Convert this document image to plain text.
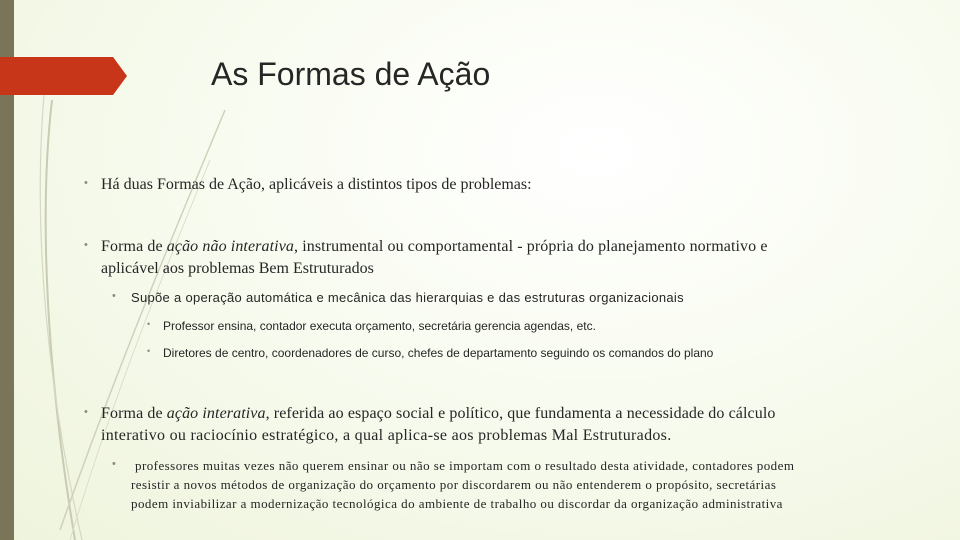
As Formas de Ação
• Há duas Formas de Ação, aplicáveis a distintos tipos de problemas:
• Forma de ação não interativa, instrumental ou comportamental - própria do planejamento normativo e
aplicável aos problemas Bem Estruturados
• Supõe a operação automática e mecânica das hierarquias e das estruturas organizacionais
• Professor ensina, contador executa orçamento, secretária gerencia agendas, etc.
• Diretores de centro, coordenadores de curso, chefes de departamento seguindo os comandos do plano
• Forma de ação interativa, referida ao espaço social e político, que fundamenta a necessidade do cálculo
interativo ou raciocínio estratégico, a qual aplica-se aos problemas Mal Estruturados.
• professores muitas vezes não querem ensinar ou não se importam com o resultado desta atividade, contadores podem
resistir a novos métodos de organização do orçamento por discordarem ou não entenderem o propósito, secretárias
podem inviabilizar a modernização tecnológica do ambiente de trabalho ou discordar da organização administrativa
